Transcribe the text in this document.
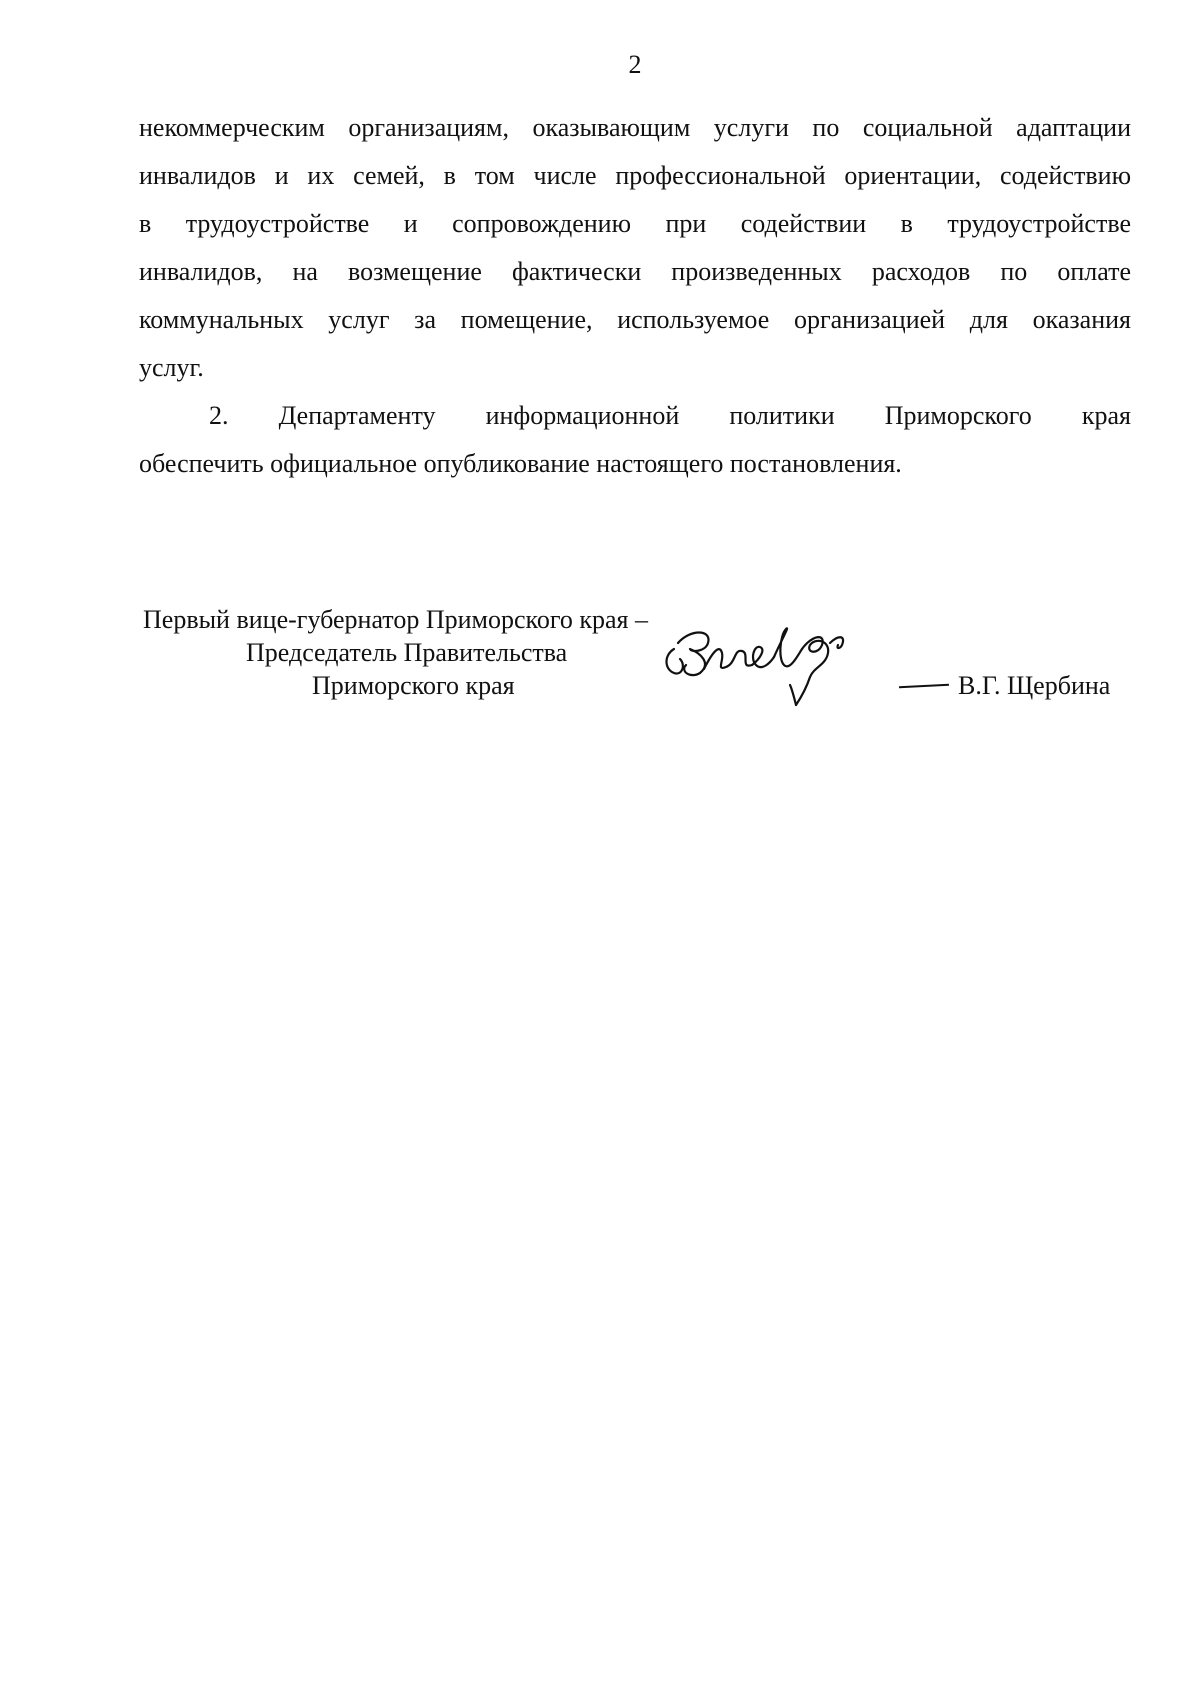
2

некоммерческим организациям, оказывающим услуги по социальной адаптации
инвалидов и их семей, в том числе профессиональной ориентации, содействию
в трудоустройстве и сопровождению при содействии в трудоустройстве
инвалидов, на возмещение фактически произведенных расходов по оплате
коммунальных услуг за помещение, используемое организацией для оказания
услуг.

2. Департаменту информационной политики Приморского края
обеспечить официальное опубликование настоящего постановления.

Первый вице-губернатор Приморского края –
Председатель Правительства
Приморского края	В.Г. Щербина
